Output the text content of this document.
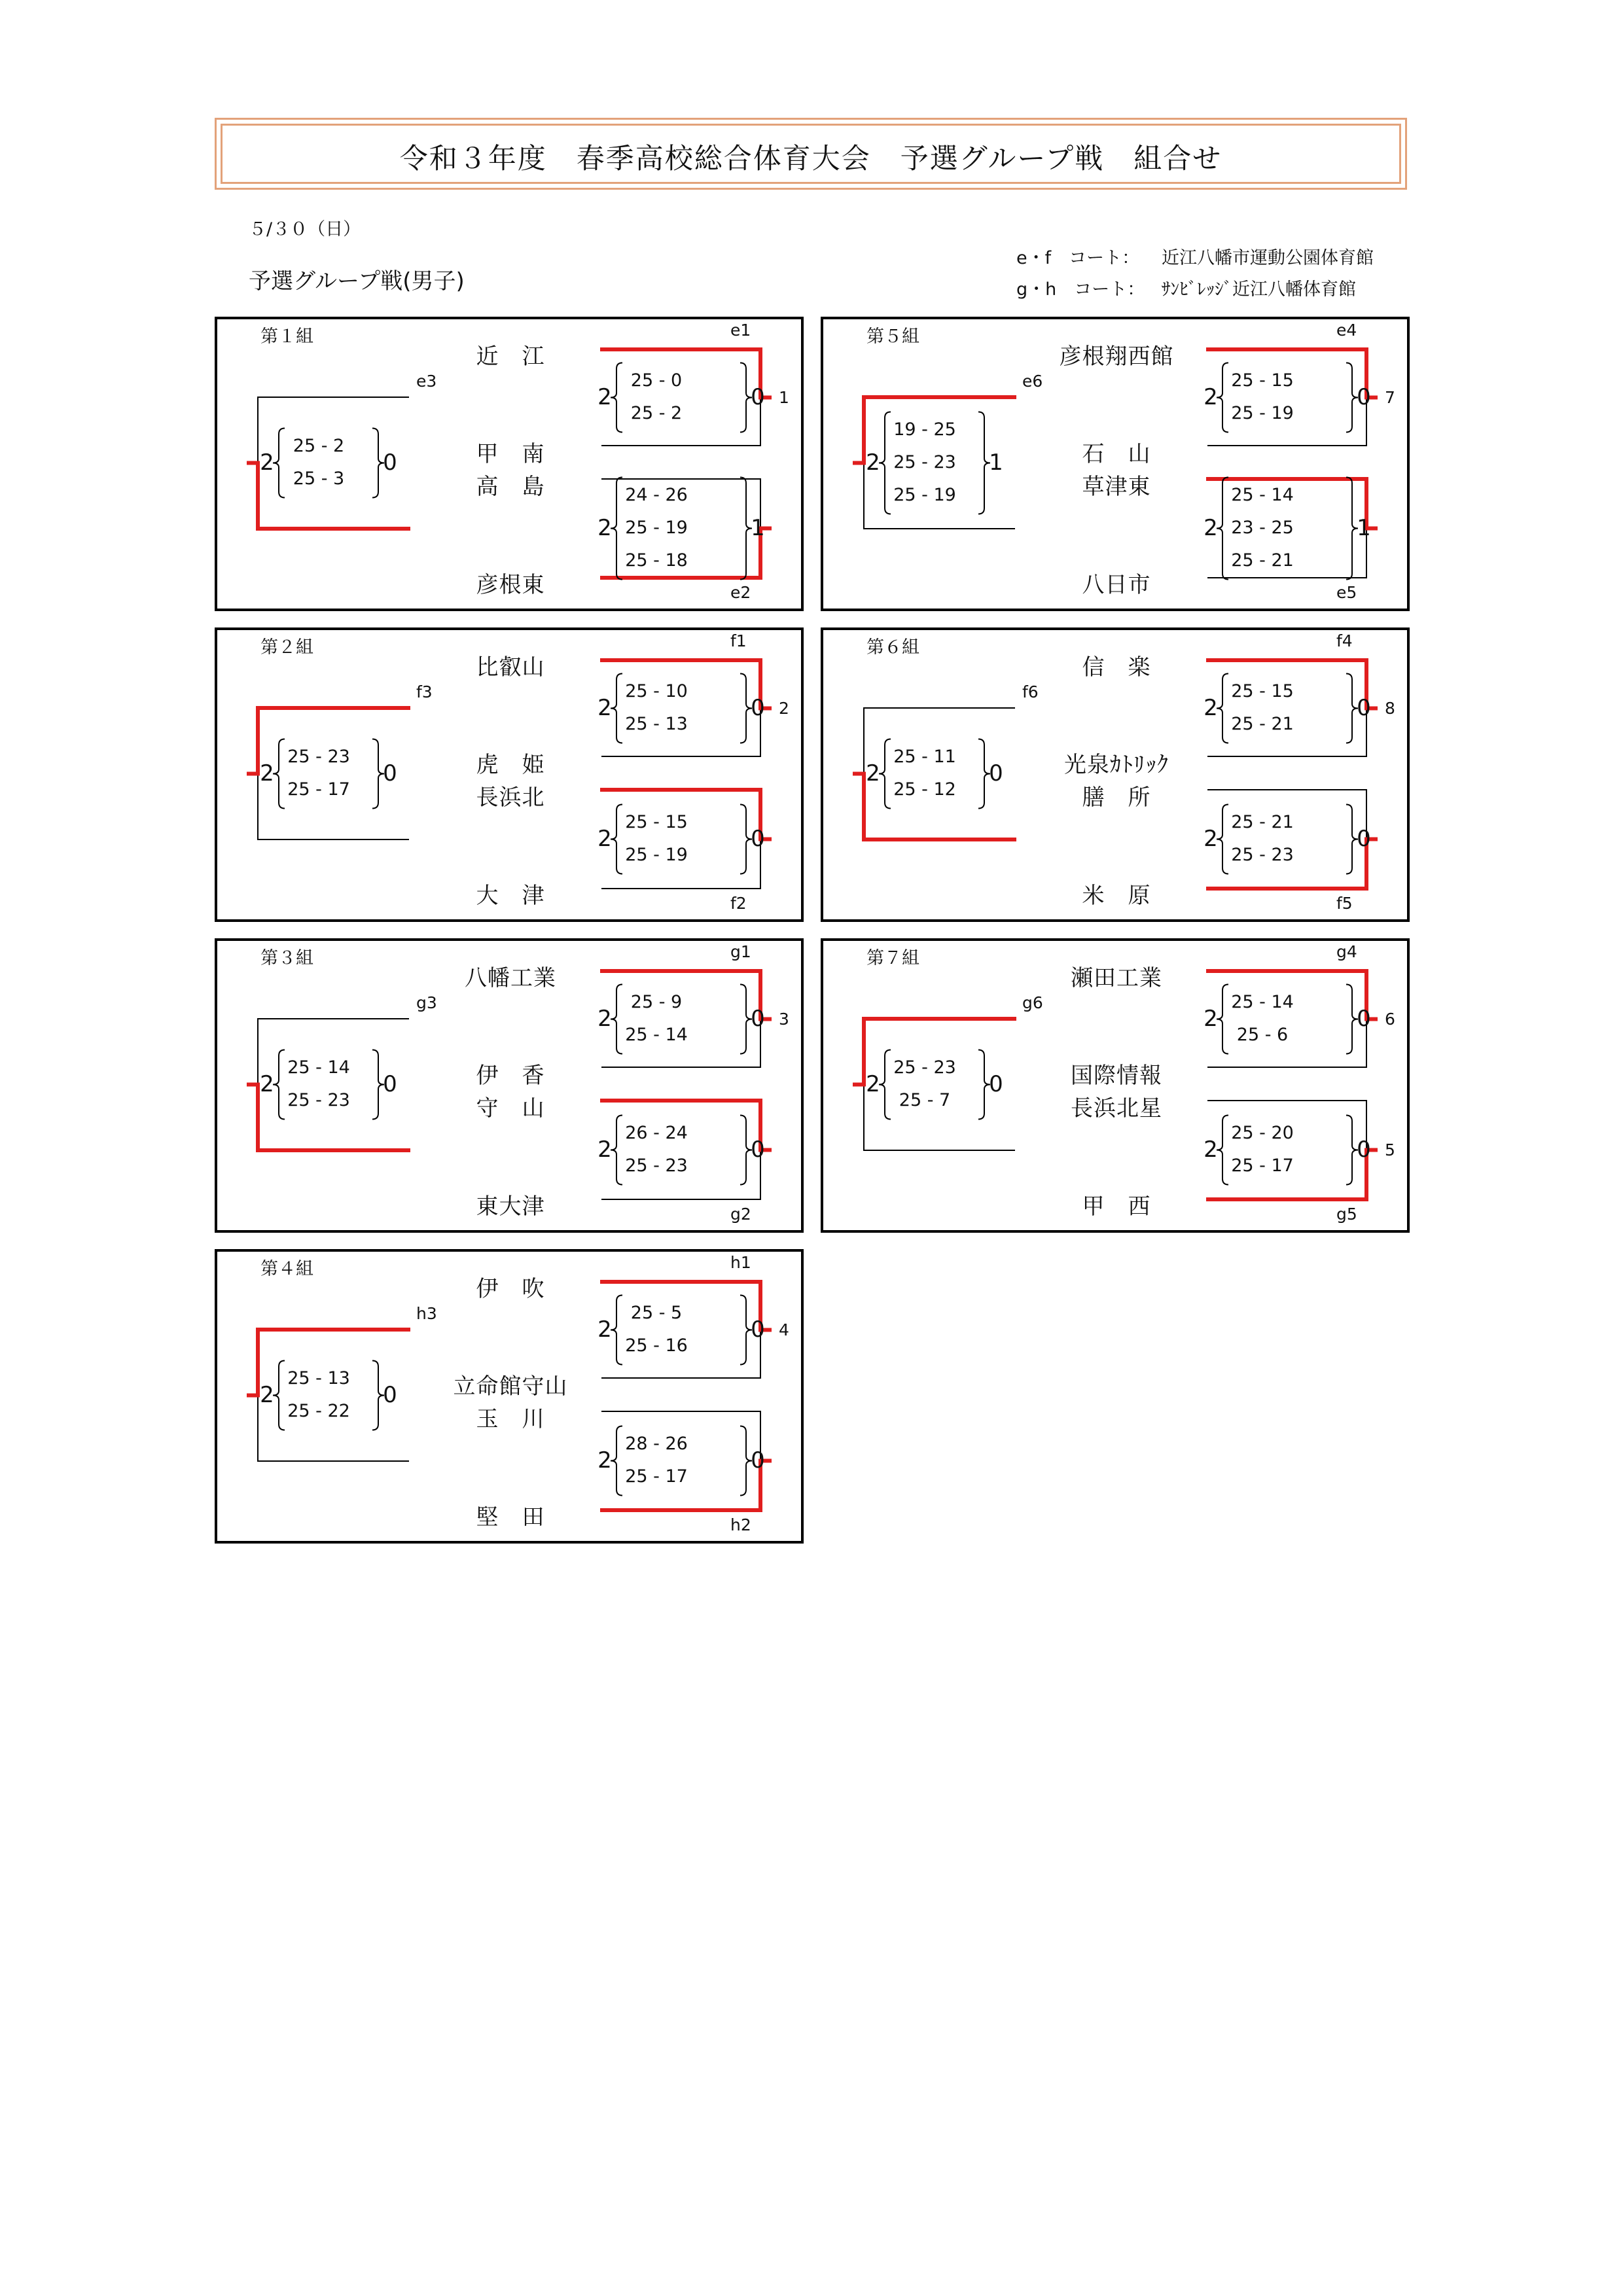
令和３年度　春季高校総合体育大会　予選グループ戦　組合せ
５/３０（日）
予選グループ戦(男子)
e・f　コート： 近江八幡市運動公園体育館
g・h　コート： ｻﾝﾋﾞﾚｯｼﾞ近江八幡体育館
第１組
近　江
甲　南
高　島
彦根東
25 - 0
25 - 2
2	0
e1
1
24 - 26
25 - 19
25 - 18
2	1
e2
25 - 2
25 - 3
2	0
e3
第２組
比叡山
虎　姫
長浜北
大　津
25 - 10
25 - 13
2	0
f1
2
25 - 15
25 - 19
2	0
f2
25 - 23
25 - 17
2	0
f3
第３組
八幡工業
伊　香
守　山
東大津
25 - 9
25 - 14
2	0
g1
3
26 - 24
25 - 23
2	0
g2
25 - 14
25 - 23
2	0
g3
第４組
伊　吹
立命館守山
玉　川
堅　田
25 - 5
25 - 16
2	0
h1
4
28 - 26
25 - 17
2	0
h2
25 - 13
25 - 22
2	0
h3
第５組
彦根翔西館
石　山
草津東
八日市
25 - 15
25 - 19
2	0
e4
7
25 - 14
23 - 25
25 - 21
2	1
e5
19 - 25
25 - 23
25 - 19
2	1
e6
第６組
信　楽
光泉ｶﾄﾘｯｸ
膳　所
米　原
25 - 15
25 - 21
2	0
f4
8
25 - 21
25 - 23
2	0
f5
25 - 11
25 - 12
2	0
f6
第７組
瀬田工業
国際情報
長浜北星
甲　西
25 - 14
25 - 6
2	0
g4
6
25 - 20
25 - 17
2	0
g5
5
25 - 23
25 - 7
2	0
g6
